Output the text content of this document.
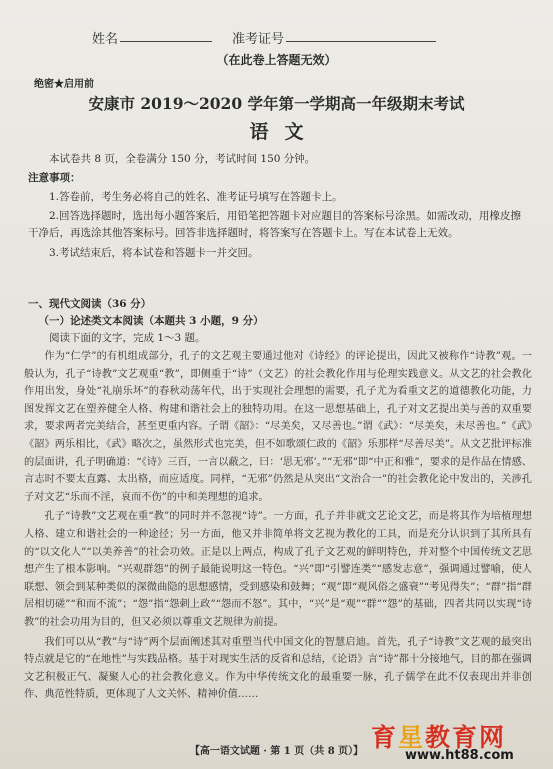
姓名	准考证号
（在此卷上答题无效）
绝密★启用前
安康市 2019～2020 学年第一学期高一年级期末考试
语文

本试卷共 8 页，全卷满分 150 分，考试时间 150 分钟。

注意事项：

1.答卷前，考生务必将自己的姓名、准考证号填写在答题卡上。

2.回答选择题时，选出每小题答案后，用铅笔把答题卡对应题目的答案标号涂黑。如需改动，用橡皮擦干净后，再选涂其他答案标号。回答非选择题时，将答案写在答题卡上。写在本试卷上无效。

3.考试结束后，将本试卷和答题卡一并交回。

一、现代文阅读（36 分）

（一）论述类文本阅读（本题共 3 小题，9 分）

阅读下面的文字，完成 1～3 题。

作为“仁学”的有机组成部分，孔子的文艺观主要通过他对《诗经》的评论提出，因此又被称作“诗教”观。一般认为，孔子“诗教”文艺观重“教”，即侧重于“诗”（文艺）的社会教化作用与伦理实践意义。从文艺的社会教化作用出发，身处“礼崩乐坏”的春秋动荡年代，出于实现社会理想的需要，孔子尤为看重文艺的道德教化功能，力图发挥文艺在塑养健全人格、构建和谐社会上的独特功用。在这一思想基础上，孔子对文艺提出美与善的双重要求，要求两者完美结合，甚至更重内容。子谓《韶》：“尽美矣，又尽善也。”谓《武》：“尽美矣，未尽善也。”《武》《韶》两乐相比，《武》略次之，虽然形式也完美，但不如歌颂仁政的《韶》乐那样“尽善尽美”。从文艺批评标准的层面讲，孔子明确道：“《诗》三百，一言以蔽之，曰：‘思无邪’。”“无邪”即“中正和雅”，要求的是作品在情感、言志时不要太直露、太出格，而应适度。同样，“无邪”仍然是从突出“文治合一”的社会教化论中发出的，关涉孔子对文艺“乐而不淫，哀而不伤”的中和美理想的追求。

孔子“诗教”文艺观在重“教”的同时并不忽视“诗”。一方面，孔子并非就文艺论文艺，而是将其作为培植理想人格、建立和谐社会的一种途径；另一方面，他又并非简单将文艺视为教化的工具，而是充分认识到了其所具有的“以文化人”“以美养善”的社会功效。正是以上两点，构成了孔子文艺观的鲜明特色，并对整个中国传统文艺思想产生了根本影响。“兴观群怨”的例子最能说明这一特色。“兴”即“引譬连类”“感发志意”，强调通过譬喻，使人联想、领会到某种类似的深微曲隐的思想感情，受到感染和鼓舞；“观”即“观风俗之盛衰”“考见得失”；“群”指“群居相切磋”“和而不流”；“怨”指“怨刺上政”“怨而不怒”。其中，“兴”是“观”“群”“怨”的基础，四者共同以实现“诗教”的社会功用为目的，但又必须以尊重文艺规律为前提。

我们可以从“教”与“诗”两个层面阐述其对重塑当代中国文化的智慧启迪。首先，孔子“诗教”文艺观的最突出特点就是它的“在地性”与实践品格。基于对现实生活的反省和总结，《论语》言“诗”都十分接地气，目的都在强调文艺积极正气、凝聚人心的社会教化意义。作为中华传统文化的最重要一脉，孔子儒学在此不仅表现出并非创作、典范性特质，更体现了人文关怀、精神价值……

【高一语文试题 · 第 1 页（共 8 页）】 育星教育网
www.ht88.com
